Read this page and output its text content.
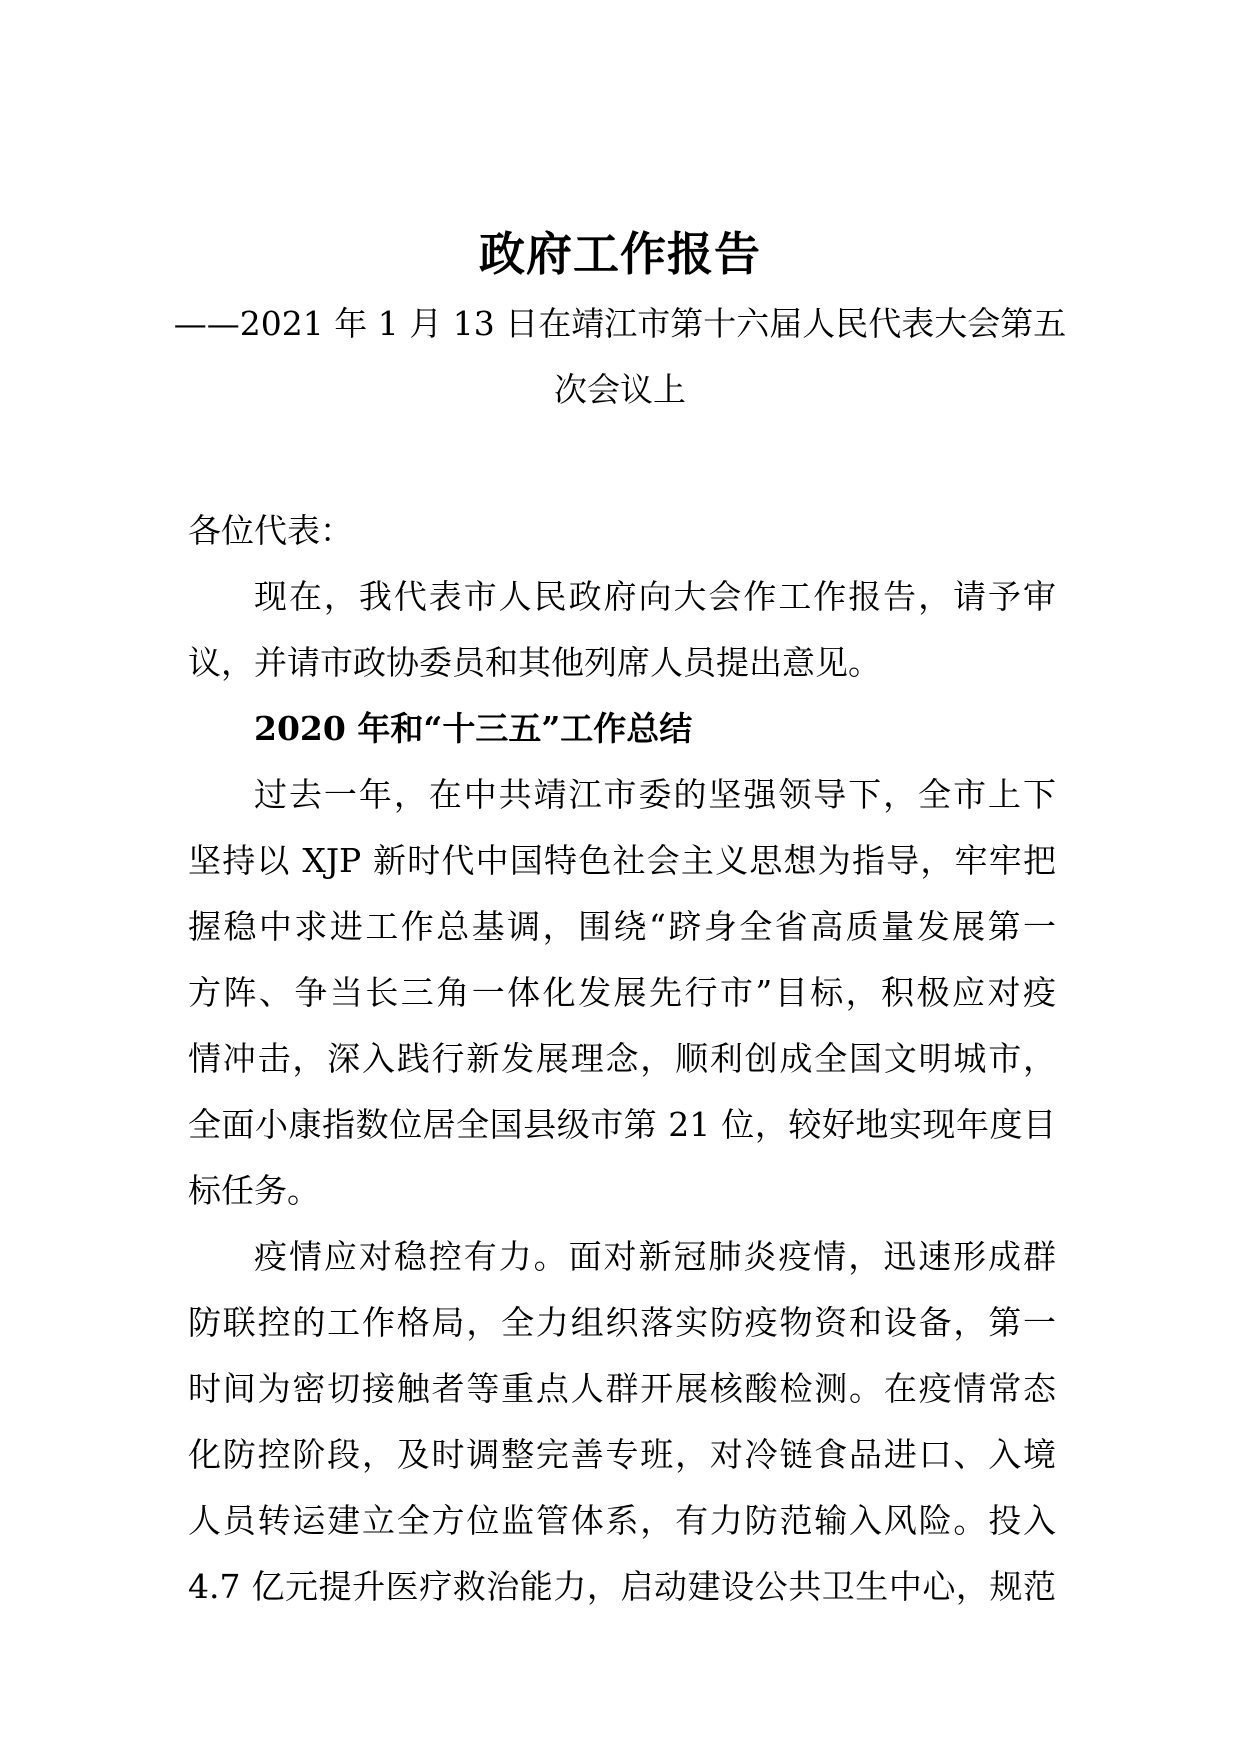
政府工作报告
——2021 年 1 月 13 日在靖江市第十六届人民代表大会第五
次会议上
各位代表：
现在，我代表市人民政府向大会作工作报告，请予审
议，并请市政协委员和其他列席人员提出意见。
2020 年和“十三五”工作总结
过去一年，在中共靖江市委的坚强领导下，全市上下
坚持以 XJP 新时代中国特色社会主义思想为指导，牢牢把
握稳中求进工作总基调，围绕“跻身全省高质量发展第一
方阵、争当长三角一体化发展先行市”目标，积极应对疫
情冲击，深入践行新发展理念，顺利创成全国文明城市，
全面小康指数位居全国县级市第 21 位，较好地实现年度目
标任务。
疫情应对稳控有力。面对新冠肺炎疫情，迅速形成群
防联控的工作格局，全力组织落实防疫物资和设备，第一
时间为密切接触者等重点人群开展核酸检测。在疫情常态
化防控阶段，及时调整完善专班，对冷链食品进口、入境
人员转运建立全方位监管体系，有力防范输入风险。投入
4.7 亿元提升医疗救治能力，启动建设公共卫生中心，规范
